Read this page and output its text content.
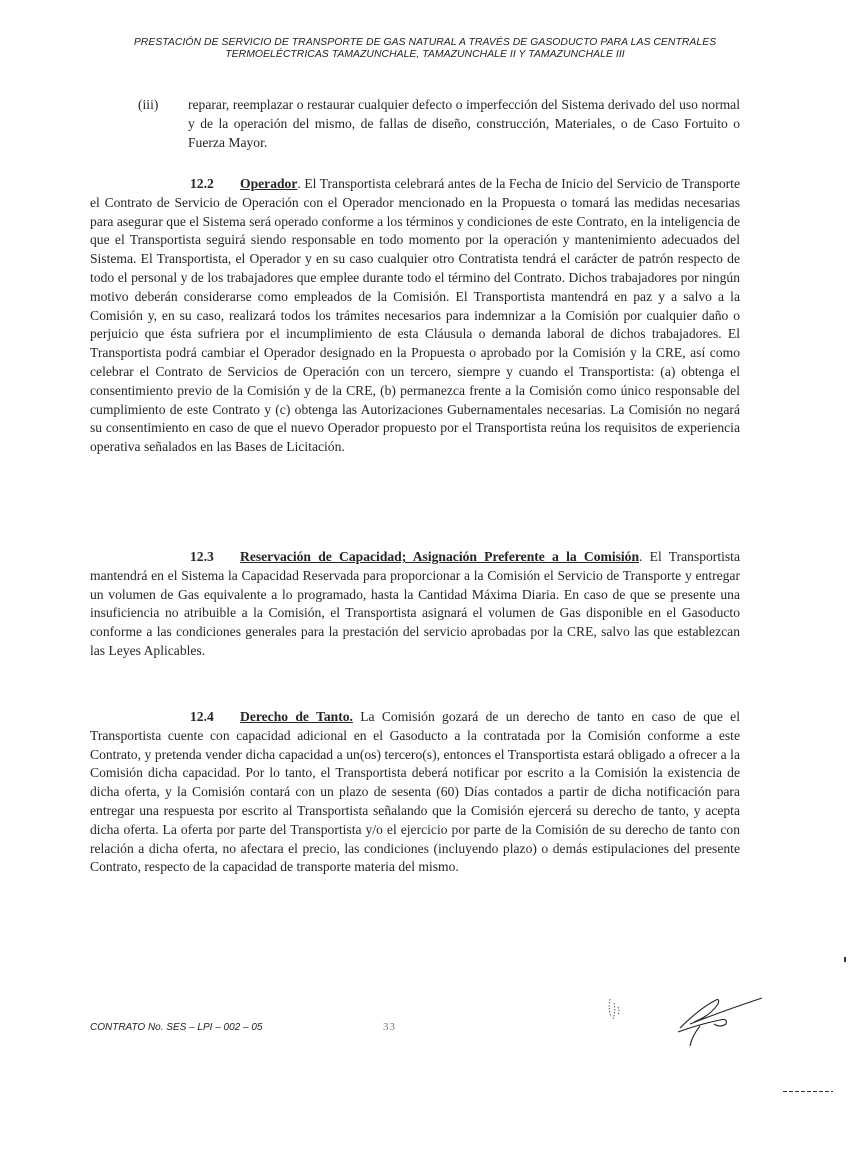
PRESTACIÓN DE SERVICIO DE TRANSPORTE DE GAS NATURAL A TRAVÉS DE GASODUCTO PARA LAS CENTRALES
TERMOELÉCTRICAS TAMAZUNCHALE, TAMAZUNCHALE II Y TAMAZUNCHALE III
(iii) reparar, reemplazar o restaurar cualquier defecto o imperfección del Sistema derivado del uso normal y de la operación del mismo, de fallas de diseño, construcción, Materiales, o de Caso Fortuito o Fuerza Mayor.
12.2 Operador. El Transportista celebrará antes de la Fecha de Inicio del Servicio de Transporte el Contrato de Servicio de Operación con el Operador mencionado en la Propuesta o tomará las medidas necesarias para asegurar que el Sistema será operado conforme a los términos y condiciones de este Contrato, en la inteligencia de que el Transportista seguirá siendo responsable en todo momento por la operación y mantenimiento adecuados del Sistema. El Transportista, el Operador y en su caso cualquier otro Contratista tendrá el carácter de patrón respecto de todo el personal y de los trabajadores que emplee durante todo el término del Contrato. Dichos trabajadores por ningún motivo deberán considerarse como empleados de la Comisión. El Transportista mantendrá en paz y a salvo a la Comisión y, en su caso, realizará todos los trámites necesarios para indemnizar a la Comisión por cualquier daño o perjuicio que ésta sufriera por el incumplimiento de esta Cláusula o demanda laboral de dichos trabajadores. El Transportista podrá cambiar el Operador designado en la Propuesta o aprobado por la Comisión y la CRE, así como celebrar el Contrato de Servicios de Operación con un tercero, siempre y cuando el Transportista: (a) obtenga el consentimiento previo de la Comisión y de la CRE, (b) permanezca frente a la Comisión como único responsable del cumplimiento de este Contrato y (c) obtenga las Autorizaciones Gubernamentales necesarias. La Comisión no negará su consentimiento en caso de que el nuevo Operador propuesto por el Transportista reúna los requisitos de experiencia operativa señalados en las Bases de Licitación.
12.3 Reservación de Capacidad; Asignación Preferente a la Comisión. El Transportista mantendrá en el Sistema la Capacidad Reservada para proporcionar a la Comisión el Servicio de Transporte y entregar un volumen de Gas equivalente a lo programado, hasta la Cantidad Máxima Diaria. En caso de que se presente una insuficiencia no atribuible a la Comisión, el Transportista asignará el volumen de Gas disponible en el Gasoducto conforme a las condiciones generales para la prestación del servicio aprobadas por la CRE, salvo las que establezcan las Leyes Aplicables.
12.4 Derecho de Tanto. La Comisión gozará de un derecho de tanto en caso de que el Transportista cuente con capacidad adicional en el Gasoducto a la contratada por la Comisión conforme a este Contrato, y pretenda vender dicha capacidad a un(os) tercero(s), entonces el Transportista estará obligado a ofrecer a la Comisión dicha capacidad. Por lo tanto, el Transportista deberá notificar por escrito a la Comisión la existencia de dicha oferta, y la Comisión contará con un plazo de sesenta (60) Días contados a partir de dicha notificación para entregar una respuesta por escrito al Transportista señalando que la Comisión ejercerá su derecho de tanto, y acepta dicha oferta. La oferta por parte del Transportista y/o el ejercicio por parte de la Comisión de su derecho de tanto con relación a dicha oferta, no afectara el precio, las condiciones (incluyendo plazo) o demás estipulaciones del presente Contrato, respecto de la capacidad de transporte materia del mismo.
CONTRATO No. SES – LPI – 002 – 05	33
